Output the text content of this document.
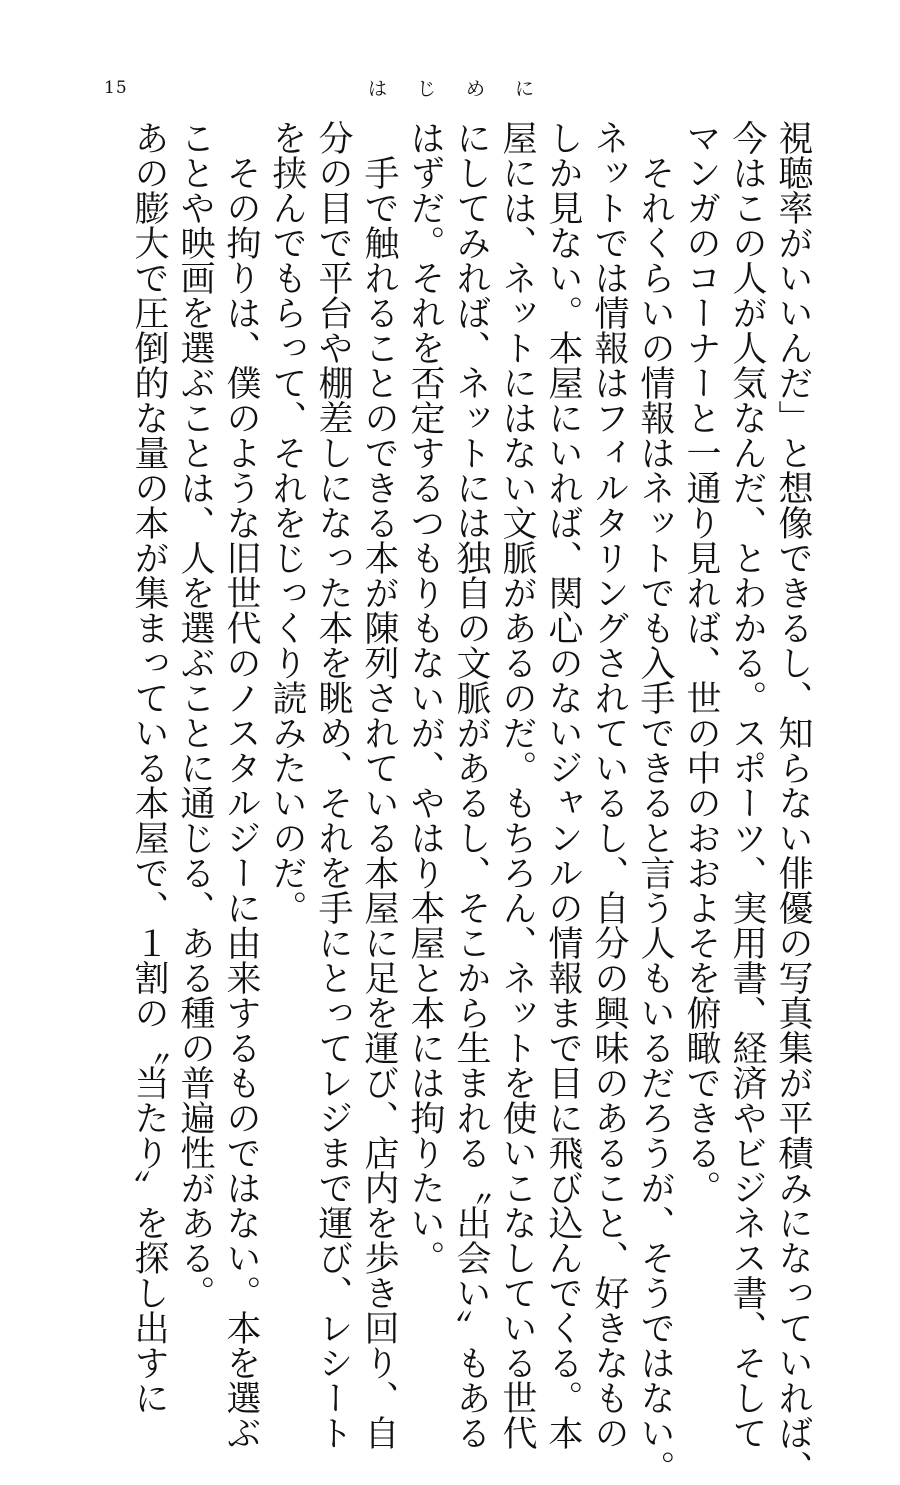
15	はじめに
視聴率がいいんだ」と想像できるし、知らない俳優の写真集が平積みになっていれば、
今はこの人が人気なんだ、とわかる。スポーツ、実用書、経済やビジネス書、そして
マンガのコーナーと一通り見れば、世の中のおおよそを俯瞰できる。
それくらいの情報はネットでも入手できると言う人もいるだろうが、そうではない。
ネットでは情報はフィルタリングされているし、自分の興味のあること、好きなもの
しか見ない。本屋にいれば、関心のないジャンルの情報まで目に飛び込んでくる。本
屋には、ネットにはない文脈があるのだ。もちろん、ネットを使いこなしている世代
にしてみれば、ネットには独自の文脈があるし、そこから生まれる〝出会い〟もある
はずだ。それを否定するつもりもないが、やはり本屋と本には拘りたい。
手で触れることのできる本が陳列されている本屋に足を運び、店内を歩き回り、自
分の目で平台や棚差しになった本を眺め、それを手にとってレジまで運び、レシート
を挟んでもらって、それをじっくり読みたいのだ。
その拘りは、僕のような旧世代のノスタルジーに由来するものではない。本を選ぶ
ことや映画を選ぶことは、人を選ぶことに通じる、ある種の普遍性がある。
あの膨大で圧倒的な量の本が集まっている本屋で、１割の〝当たり〟を探し出すに
